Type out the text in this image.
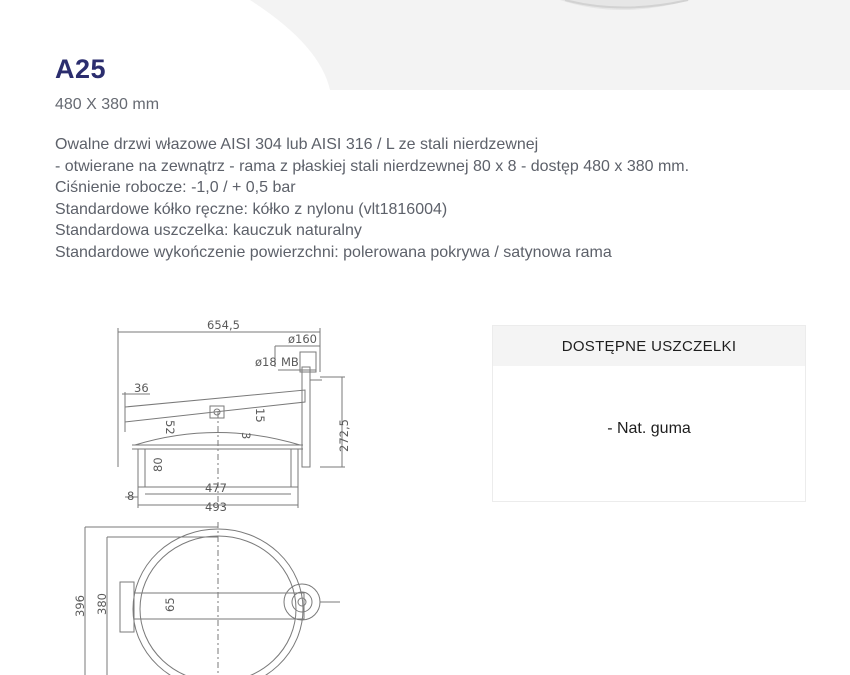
A25
480 X 380 mm
Owalne drzwi włazowe AISI 304 lub AISI 316 / L ze stali nierdzewnej
- otwierane na zewnątrz - rama z płaskiej stali nierdzewnej 80 x 8 - dostęp 480 x 380 mm.
Ciśnienie robocze: -1,0 / + 0,5 bar
Standardowe kółko ręczne: kółko z nylonu (vlt1816004)
Standardowa uszczelka: kauczuk naturalny
Standardowe wykończenie powierzchni: polerowana pokrywa / satynowa rama
DOSTĘPNE USZCZELKI
- Nat. guma
654,5
ø160
ø18 MB
36
52
15
3	272,5
80
477
8
493
396 380	65
